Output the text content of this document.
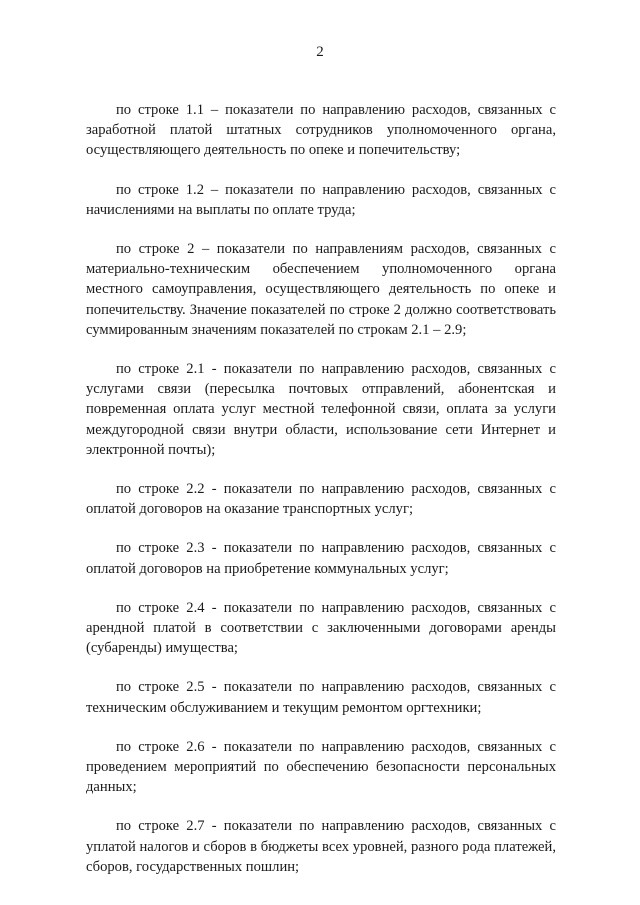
2

по строке 1.1 – показатели по направлению расходов, связанных с заработной платой штатных сотрудников уполномоченного органа, осуществляющего деятельность по опеке и попечительству;

по строке 1.2 – показатели по направлению расходов, связанных с начислениями на выплаты по оплате труда;

по строке 2 – показатели по направлениям расходов, связанных с материально-техническим обеспечением уполномоченного органа местного самоуправления, осуществляющего деятельность по опеке и попечительству. Значение показателей по строке 2 должно соответствовать суммированным значениям показателей по строкам 2.1 – 2.9;

по строке 2.1 - показатели по направлению расходов, связанных с услугами связи (пересылка почтовых отправлений, абонентская и повременная оплата услуг местной телефонной связи, оплата за услуги междугородной связи внутри области, использование сети Интернет и электронной почты);

по строке 2.2 - показатели по направлению расходов, связанных с оплатой договоров на оказание транспортных услуг;

по строке 2.3 - показатели по направлению расходов, связанных с оплатой договоров на приобретение коммунальных услуг;

по строке 2.4 - показатели по направлению расходов, связанных с арендной платой в соответствии с заключенными договорами аренды (субаренды) имущества;

по строке 2.5 - показатели по направлению расходов, связанных с техническим обслуживанием и текущим ремонтом оргтехники;

по строке 2.6 - показатели по направлению расходов, связанных с проведением мероприятий по обеспечению безопасности персональных данных;

по строке 2.7 - показатели по направлению расходов, связанных с уплатой налогов и сборов в бюджеты всех уровней, разного рода платежей, сборов, государственных пошлин;
